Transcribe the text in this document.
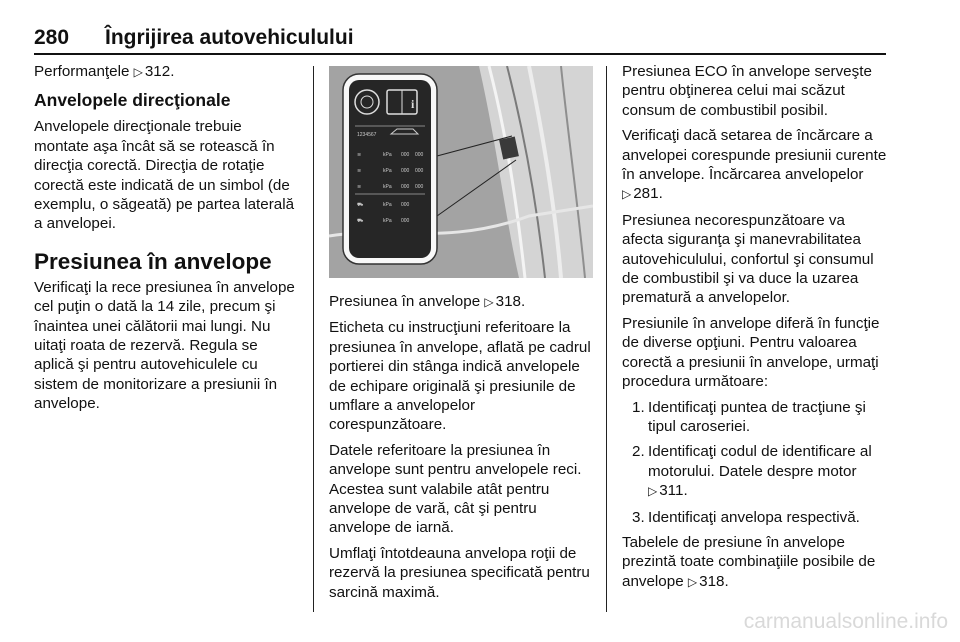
280 Îngrijirea autovehiculului

Performanţele ▷ 312.

Anvelopele direcţionale

Anvelopele direcţionale trebuie montate aşa încât să se rotească în direcţia corectă. Direcţia de rotaţie corectă este indicată de un simbol (de exemplu, o săgeată) pe partea laterală a anvelopei.

Presiunea în anvelope

Verificaţi la rece presiunea în anvelope cel puţin o dată la 14 zile, precum şi înaintea unei călătorii mai lungi. Nu uitaţi roata de rezervă. Regula se aplică şi pentru autovehiculele cu sistem de monitorizare a presiunii în anvelope.

i
1234567
≋	kPa 000 000
≋	kPa 000 000
≋	kPa 000 000
⛟	kPa 000
⛟	kPa 000

Presiunea în anvelope ▷ 318.

Eticheta cu instrucţiuni referitoare la presiunea în anvelope, aflată pe cadrul portierei din stânga indică anvelopele de echipare originală şi presiunile de umflare a anvelopelor corespunzătoare.

Datele referitoare la presiunea în anvelope sunt pentru anvelopele reci. Acestea sunt valabile atât pentru anvelope de vară, cât şi pentru anvelope de iarnă.

Umflaţi întotdeauna anvelopa roţii de rezervă la presiunea specificată pentru sarcină maximă.

Presiunea ECO în anvelope serveşte pentru obţinerea celui mai scăzut consum de combustibil posibil.

Verificaţi dacă setarea de încărcare a anvelopei corespunde presiunii curente în anvelope. Încărcarea anvelopelor ▷ 281.

Presiunea necorespunzătoare va afecta siguranţa şi manevrabilitatea autovehiculului, confortul şi consumul de combustibil şi va duce la uzarea prematură a anvelopelor.

Presiunile în anvelope diferă în funcţie de diverse opţiuni. Pentru valoarea corectă a presiunii în anvelope, urmaţi procedura următoare:

1. Identificaţi puntea de tracţiune şi tipul caroseriei.
2. Identificaţi codul de identificare al motorului. Datele despre motor
▷ 311.
3. Identificaţi anvelopa respectivă.

Tabelele de presiune în anvelope prezintă toate combinaţiile posibile de anvelope ▷ 318.

carmanualsonline.info
